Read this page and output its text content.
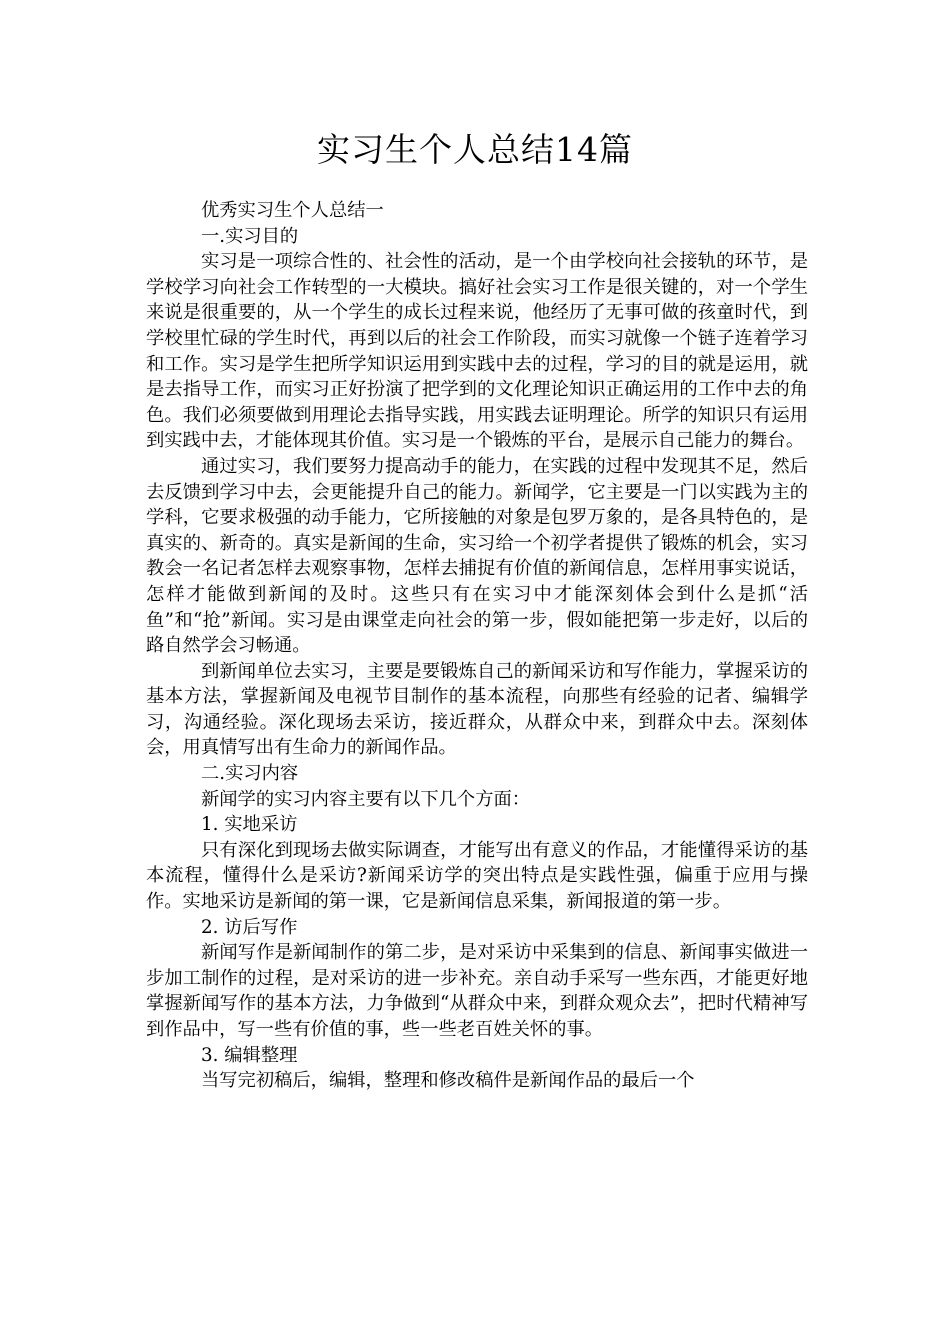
实习生个人总结14篇

优秀实习生个人总结一

一.实习目的

实习是一项综合性的、社会性的活动，是一个由学校向社会接轨的环节，是学校学习向社会工作转型的一大模块。搞好社会实习工作是很关键的，对一个学生来说是很重要的，从一个学生的成长过程来说，他经历了无事可做的孩童时代，到学校里忙碌的学生时代，再到以后的社会工作阶段，而实习就像一个链子连着学习和工作。实习是学生把所学知识运用到实践中去的过程，学习的目的就是运用，就是去指导工作，而实习正好扮演了把学到的文化理论知识正确运用的工作中去的角色。我们必须要做到用理论去指导实践，用实践去证明理论。所学的知识只有运用到实践中去，才能体现其价值。实习是一个锻炼的平台，是展示自己能力的舞台。

通过实习，我们要努力提高动手的能力，在实践的过程中发现其不足，然后去反馈到学习中去，会更能提升自己的能力。新闻学，它主要是一门以实践为主的学科，它要求极强的动手能力，它所接触的对象是包罗万象的，是各具特色的，是真实的、新奇的。真实是新闻的生命，实习给一个初学者提供了锻炼的机会，实习教会一名记者怎样去观察事物，怎样去捕捉有价值的新闻信息，怎样用事实说话，怎样才能做到新闻的及时。这些只有在实习中才能深刻体会到什么是抓“活鱼”和“抢”新闻。实习是由课堂走向社会的第一步，假如能把第一步走好，以后的路自然学会习畅通。

到新闻单位去实习，主要是要锻炼自己的新闻采访和写作能力，掌握采访的基本方法，掌握新闻及电视节目制作的基本流程，向那些有经验的记者、编辑学习，沟通经验。深化现场去采访，接近群众，从群众中来，到群众中去。深刻体会，用真情写出有生命力的新闻作品。

二.实习内容

新闻学的实习内容主要有以下几个方面：

1. 实地采访

只有深化到现场去做实际调查，才能写出有意义的作品，才能懂得采访的基本流程，懂得什么是采访?新闻采访学的突出特点是实践性强，偏重于应用与操作。实地采访是新闻的第一课，它是新闻信息采集，新闻报道的第一步。

2. 访后写作

新闻写作是新闻制作的第二步，是对采访中采集到的信息、新闻事实做进一步加工制作的过程，是对采访的进一步补充。亲自动手采写一些东西，才能更好地掌握新闻写作的基本方法，力争做到“从群众中来，到群众观众去”，把时代精神写到作品中，写一些有价值的事，些一些老百姓关怀的事。

3. 编辑整理

当写完初稿后，编辑，整理和修改稿件是新闻作品的最后一个
